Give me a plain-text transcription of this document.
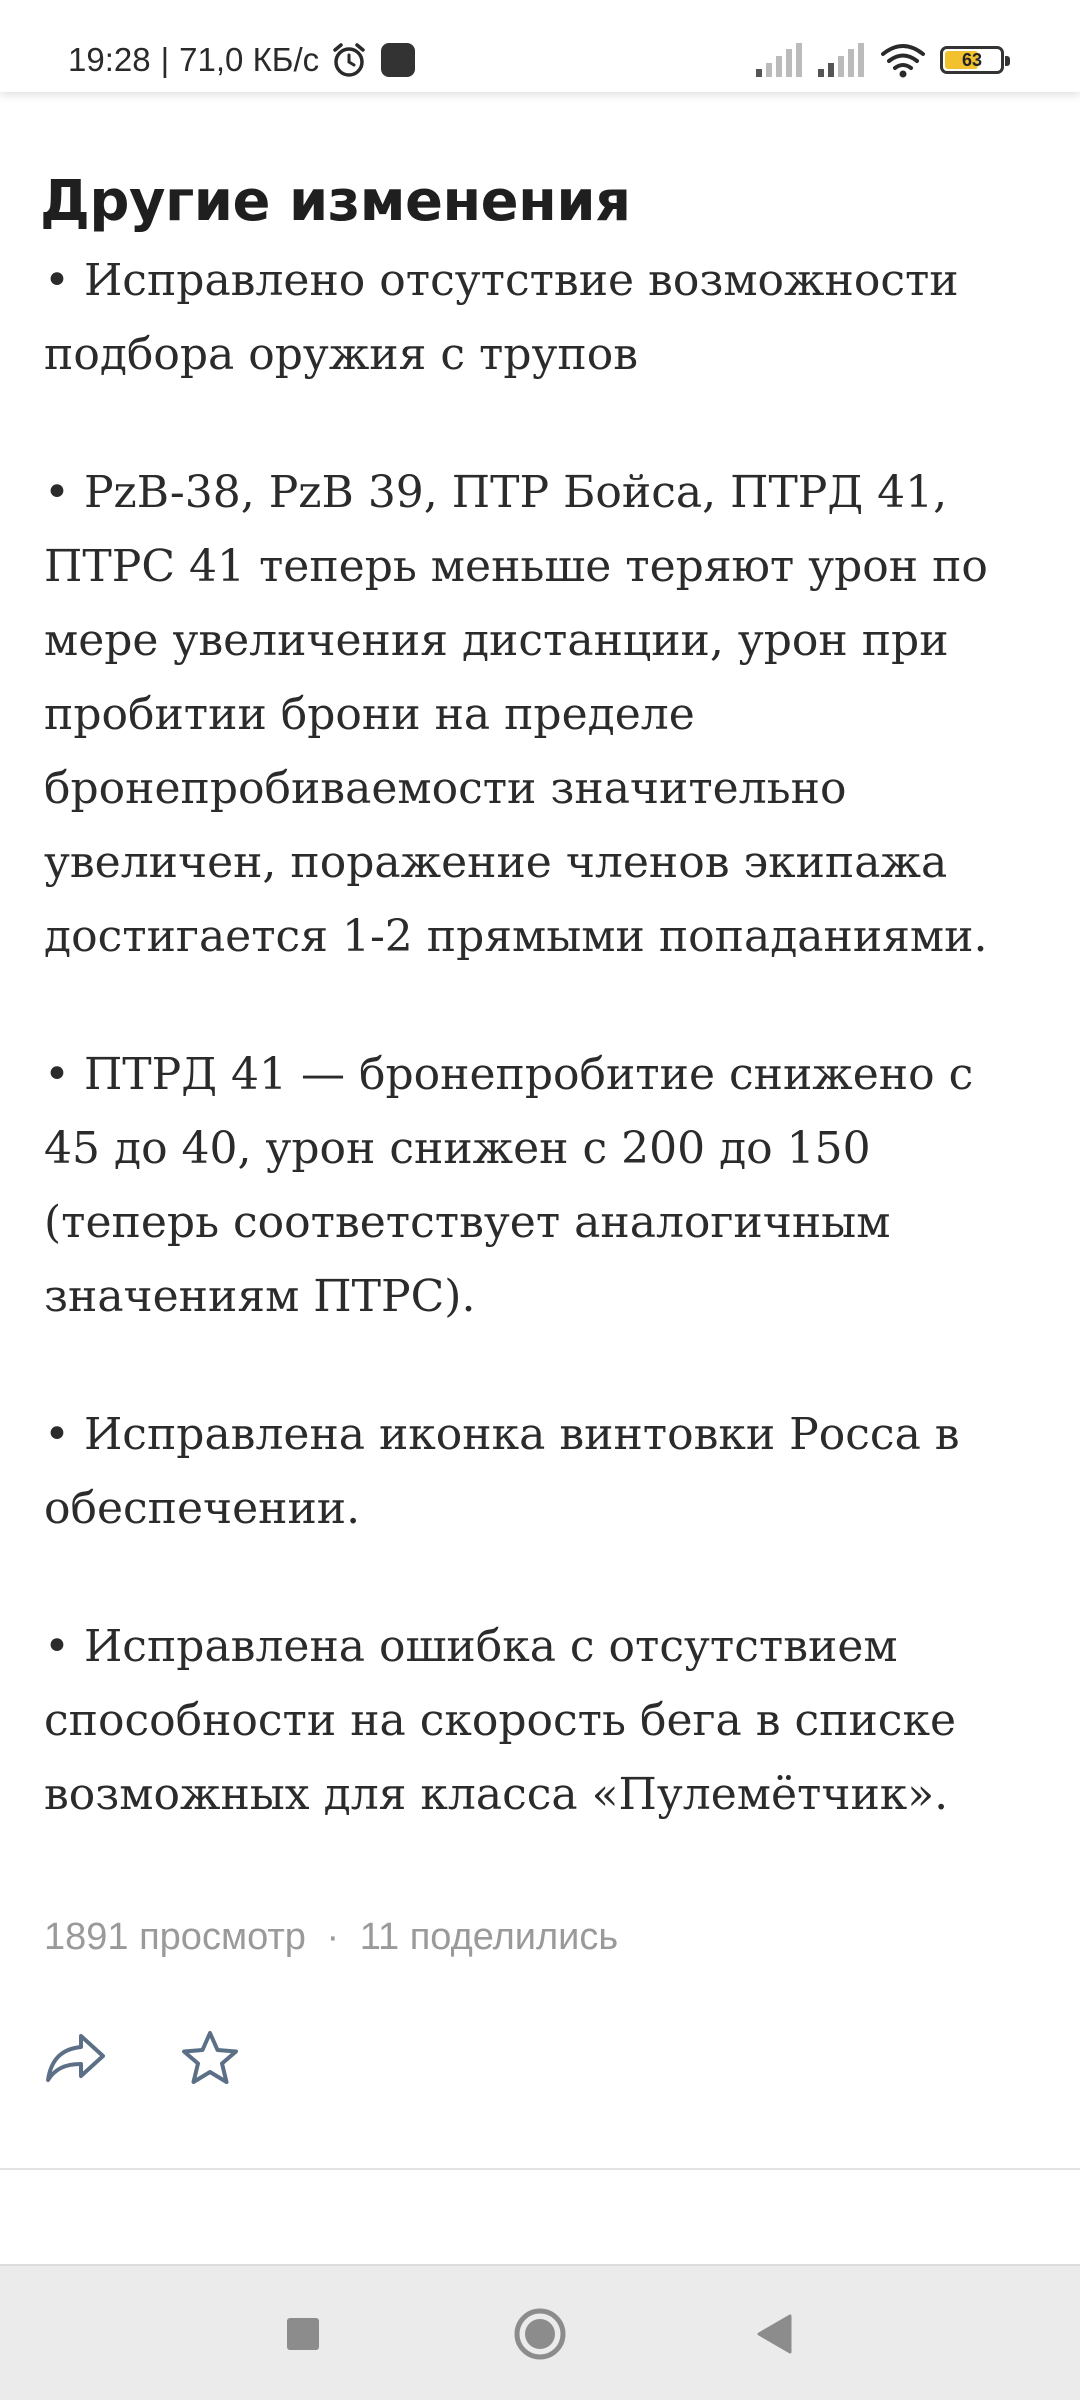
19:28 | 71,0 КБ/с	63
Другие изменения

• Исправлено отсутствие возможности подбора оружия с трупов

• PzB-38, PzB 39, ПТР Бойса, ПТРД 41, ПТРС 41 теперь меньше теряют урон по мере увеличения дистанции, урон при пробитии брони на пределе бронепробиваемости значительно увеличен, поражение членов экипажа достигается 1-2 прямыми попаданиями.

• ПТРД 41 — бронепробитие снижено с 45 до 40, урон снижен с 200 до 150 (теперь соответствует аналогичным значениям ПТРС).

• Исправлена иконка винтовки Росса в обеспечении.

• Исправлена ошибка с отсутствием способности на скорость бега в списке возможных для класса «Пулемётчик».

1891 просмотр · 11 поделились
